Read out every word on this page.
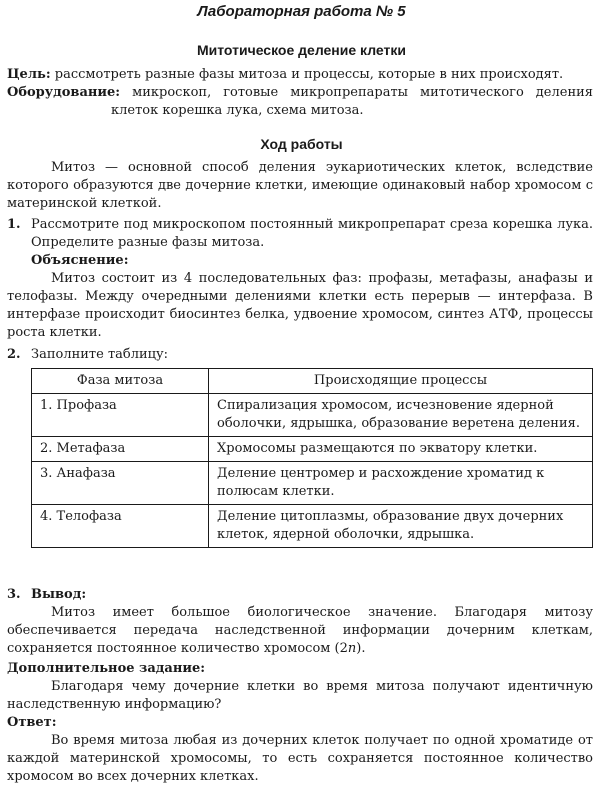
Лабораторная работа № 5
Митотическое деление клетки

Цель: рассмотреть разные фазы митоза и процессы, которые в них происходят.

Оборудование: микроскоп, готовые микропрепараты митотического деления клеток корешка лука, схема митоза.

Ход работы

Митоз — основной способ деления эукариотических клеток, вследствие которого образуются две дочерние клетки, имеющие одинаковый набор хромосом с материнской клеткой.

1. Рассмотрите под микроскопом постоянный микропрепарат среза корешка лука. Определите разные фазы митоза.

Объяснение:

Митоз состоит из 4 последовательных фаз: профазы, метафазы, анафазы и телофазы. Между очередными делениями клетки есть перерыв — интерфаза. В интерфазе происходит биосинтез белка, удвоение хромосом, синтез АТФ, процессы роста клетки.

2. Заполните таблицу:

Фаза митоза	Происходящие процессы
1. Профаза	Спирализация хромосом, исчезновение ядерной оболочки, ядрышка, образование веретена деления.
2. Метафаза	Хромосомы размещаются по экватору клетки.
3. Анафаза	Деление центромер и расхождение хроматид к полюсам клетки.
4. Телофаза	Деление цитоплазмы, образование двух дочерних клеток, ядерной оболочки, ядрышка.
3. Вывод:

Митоз имеет большое биологическое значение. Благодаря митозу обеспечивается передача наследственной информации дочерним клеткам, сохраняется постоянное количество хромосом (2n).

Дополнительное задание:

Благодаря чему дочерние клетки во время митоза получают идентичную наследственную информацию?

Ответ:

Во время митоза любая из дочерних клеток получает по одной хроматиде от каждой материнской хромосомы, то есть сохраняется постоянное количество хромосом во всех дочерних клетках.
